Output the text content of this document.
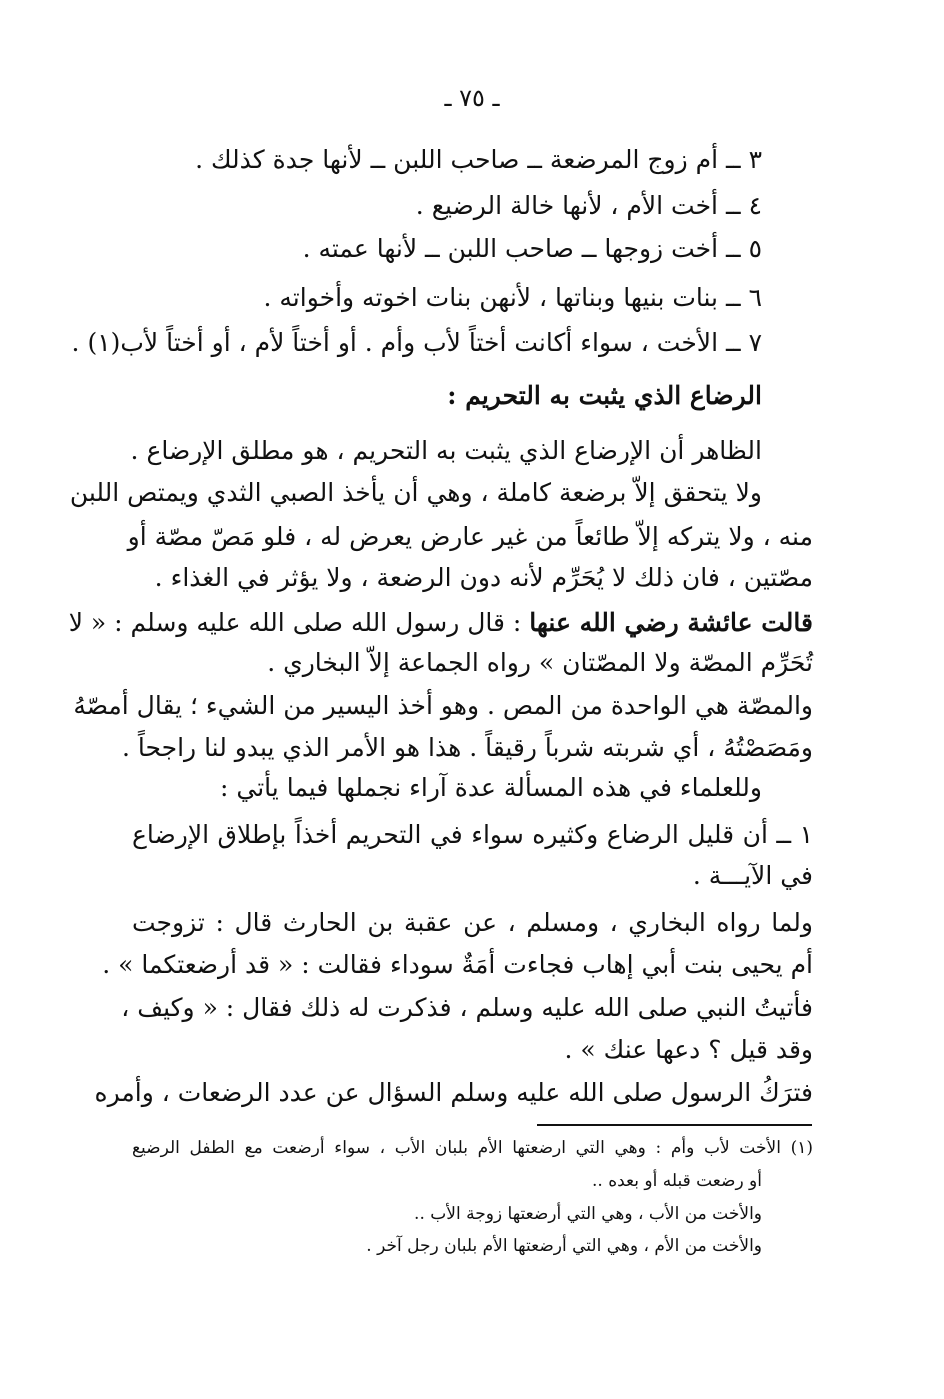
ـ ٧٥ ـ
٣ ــ أم زوج المرضعة ــ صاحب اللبن ــ لأنها جدة كذلك .
٤ ــ أخت الأم ، لأنها خالة الرضيع .
٥ ــ أخت زوجها ــ صاحب اللبن ــ لأنها عمته .
٦ ــ بنات بنيها وبناتها ، لأنهن بنات اخوته وأخواته .
٧ ــ الأخت ، سواء أكانت أختاً لأب وأم . أو أختاً لأم ، أو أختاً لأب(١) .
الرضاع الذي يثبت به التحريم :
الظاهر أن الإرضاع الذي يثبت به التحريم ، هو مطلق الإرضاع .
ولا يتحقق إلاّ برضعة كاملة ، وهي أن يأخذ الصبي الثدي ويمتص اللبن
منه ، ولا يتركه إلاّ طائعاً من غير عارض يعرض له ، فلو مَصّ مصّة أو
مصّتين ، فان ذلك لا يُحَرِّم لأنه دون الرضعة ، ولا يؤثر في الغذاء .
قالت عائشة رضي الله عنها : قال رسول الله صلى الله عليه وسلم : « لا
تُحَرِّم المصّة ولا المصّتان » رواه الجماعة إلاّ البخاري .
والمصّة هي الواحدة من المص . وهو أخذ اليسير من الشيء ؛ يقال أمصّهُ
ومَصَصْتُهُ ، أي شربته شرباً رقيقاً . هذا هو الأمر الذي يبدو لنا راجحاً .
وللعلماء في هذه المسألة عدة آراء نجملها فيما يأتي :
١ ــ أن قليل الرضاع وكثيره سواء في التحريم أخذاً بإطلاق الإرضاع
في الآيـــة .
ولما رواه البخاري ، ومسلم ، عن عقبة بن الحارث قال : تزوجت
أم يحيى بنت أبي إهاب فجاءت أمَةٌ سوداء فقالت : « قد أرضعتكما » .
فأتيتُ النبي صلى الله عليه وسلم ، فذكرت له ذلك فقال : « وكيف ،
وقد قيل ؟ دعها عنك » .
فترَكُ الرسول صلى الله عليه وسلم السؤال عن عدد الرضعات ، وأمره
(١) الأخت لأب وأم : وهي التي ارضعتها الأم بلبان الأب ، سواء أرضعت مع الطفل الرضيع
أو رضعت قبله أو بعده ..
والأخت من الأب ، وهي التي أرضعتها زوجة الأب ..
والأخت من الأم ، وهي التي أرضعتها الأم بلبان رجل آخر .
